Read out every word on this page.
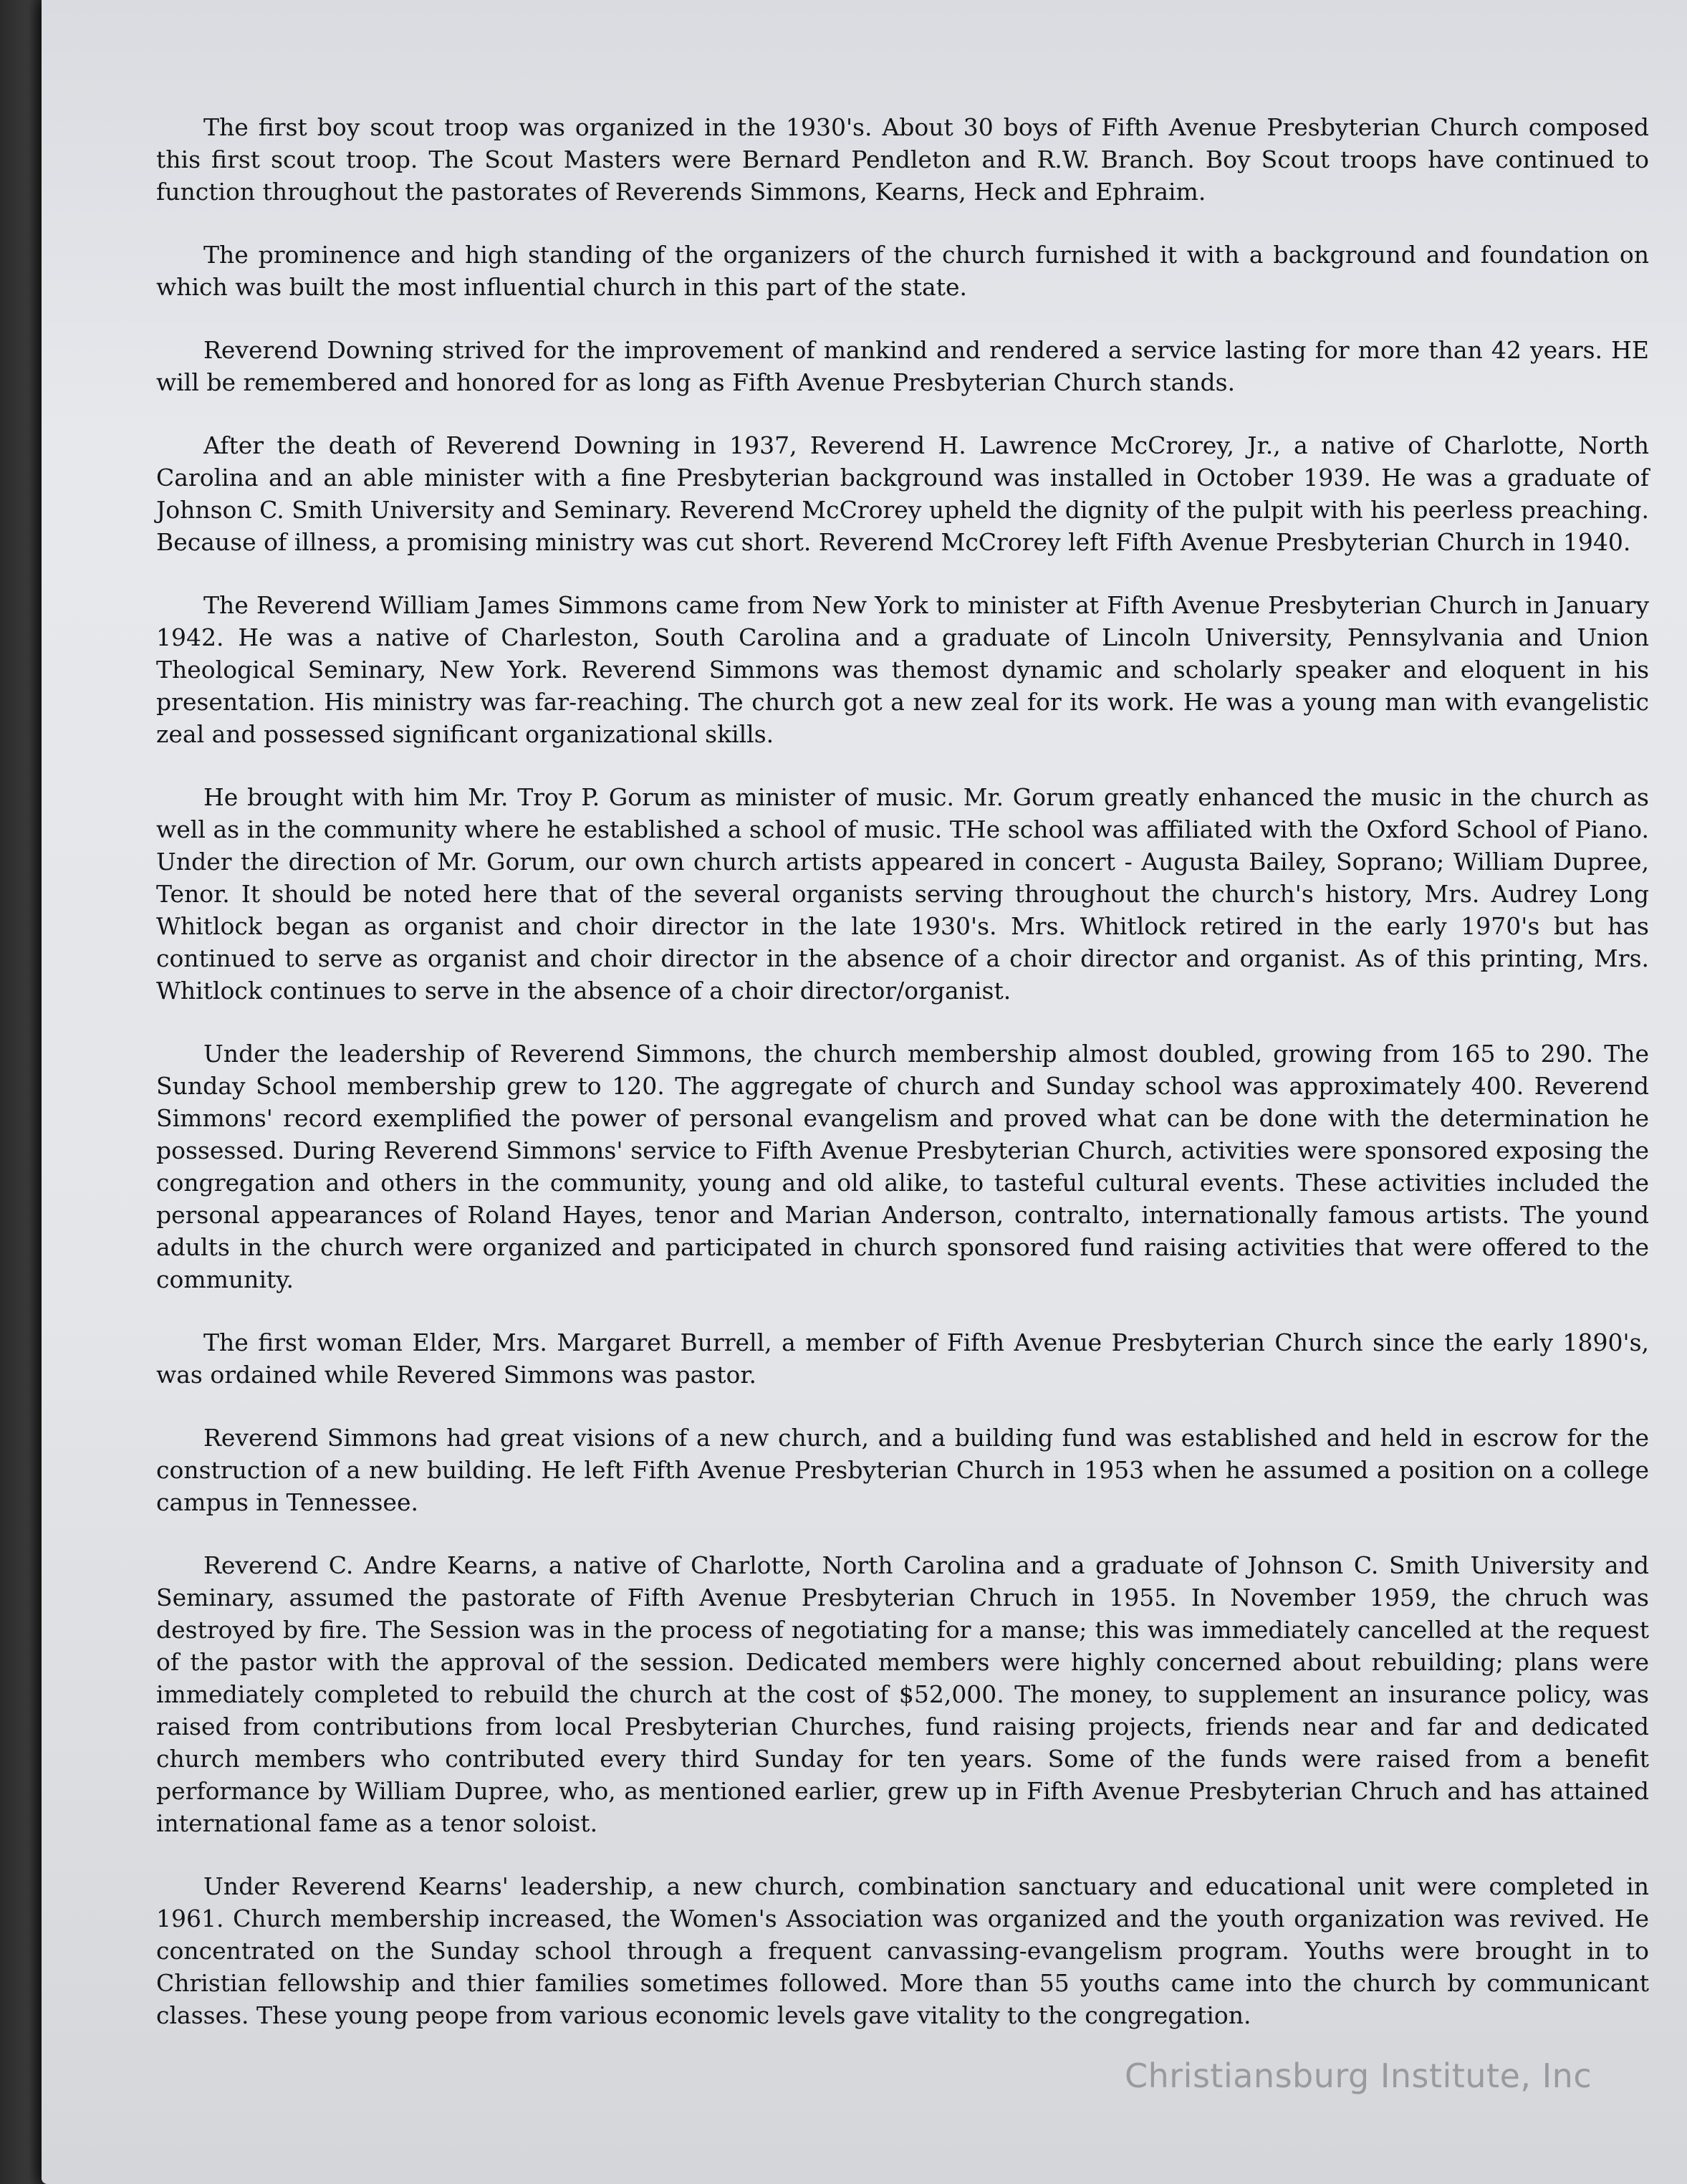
The first boy scout troop was organized in the 1930's. About 30 boys of Fifth Avenue Presbyterian Church composed this first scout troop. The Scout Masters were Bernard Pendleton and R.W. Branch. Boy Scout troops have continued to function throughout the pastorates of Reverends Simmons, Kearns, Heck and Ephraim.

The prominence and high standing of the organizers of the church furnished it with a background and foundation on which was built the most influential church in this part of the state.

Reverend Downing strived for the improvement of mankind and rendered a service lasting for more than 42 years. HE will be remembered and honored for as long as Fifth Avenue Presbyterian Church stands.

After the death of Reverend Downing in 1937, Reverend H. Lawrence McCrorey, Jr., a native of Charlotte, North Carolina and an able minister with a fine Presbyterian background was installed in October 1939. He was a graduate of Johnson C. Smith University and Seminary. Reverend McCrorey upheld the dignity of the pulpit with his peerless preaching. Because of illness, a promising ministry was cut short. Reverend McCrorey left Fifth Avenue Presbyterian Church in 1940.

The Reverend William James Simmons came from New York to minister at Fifth Avenue Presbyterian Church in January 1942. He was a native of Charleston, South Carolina and a graduate of Lincoln University, Pennsylvania and Union Theological Seminary, New York. Reverend Simmons was themost dynamic and scholarly speaker and eloquent in his presentation. His ministry was far-reaching. The church got a new zeal for its work. He was a young man with evangelistic zeal and possessed significant organizational skills.

He brought with him Mr. Troy P. Gorum as minister of music. Mr. Gorum greatly enhanced the music in the church as well as in the community where he established a school of music. THe school was affiliated with the Oxford School of Piano. Under the direction of Mr. Gorum, our own church artists appeared in concert - Augusta Bailey, Soprano; William Dupree, Tenor. It should be noted here that of the several organists serving throughout the church's history, Mrs. Audrey Long Whitlock began as organist and choir director in the late 1930's. Mrs. Whitlock retired in the early 1970's but has continued to serve as organist and choir director in the absence of a choir director and organist. As of this printing, Mrs. Whitlock continues to serve in the absence of a choir director/organist.

Under the leadership of Reverend Simmons, the church membership almost doubled, growing from 165 to 290. The Sunday School membership grew to 120. The aggregate of church and Sunday school was approximately 400. Reverend Simmons' record exemplified the power of personal evangelism and proved what can be done with the determination he possessed. During Reverend Simmons' service to Fifth Avenue Presbyterian Church, activities were sponsored exposing the congregation and others in the community, young and old alike, to tasteful cultural events. These activities included the personal appearances of Roland Hayes, tenor and Marian Anderson, contralto, internationally famous artists. The yound adults in the church were organized and participated in church sponsored fund raising activities that were offered to the community.

The first woman Elder, Mrs. Margaret Burrell, a member of Fifth Avenue Presbyterian Church since the early 1890's, was ordained while Revered Simmons was pastor.

Reverend Simmons had great visions of a new church, and a building fund was established and held in escrow for the construction of a new building. He left Fifth Avenue Presbyterian Church in 1953 when he assumed a position on a college campus in Tennessee.

Reverend C. Andre Kearns, a native of Charlotte, North Carolina and a graduate of Johnson C. Smith University and Seminary, assumed the pastorate of Fifth Avenue Presbyterian Chruch in 1955. In November 1959, the chruch was destroyed by fire. The Session was in the process of negotiating for a manse; this was immediately cancelled at the request of the pastor with the approval of the session. Dedicated members were highly concerned about rebuilding; plans were immediately completed to rebuild the church at the cost of $52,000. The money, to supplement an insurance policy, was raised from contributions from local Presbyterian Churches, fund raising projects, friends near and far and dedicated church members who contributed every third Sunday for ten years. Some of the funds were raised from a benefit performance by William Dupree, who, as mentioned earlier, grew up in Fifth Avenue Presbyterian Chruch and has attained international fame as a tenor soloist.

Under Reverend Kearns' leadership, a new church, combination sanctuary and educational unit were completed in 1961. Church membership increased, the Women's Association was organized and the youth organization was revived. He concentrated on the Sunday school through a frequent canvassing-evangelism program. Youths were brought in to Christian fellowship and thier families sometimes followed. More than 55 youths came into the church by communicant classes. These young peope from various economic levels gave vitality to the congregation.

Christiansburg Institute, Inc
